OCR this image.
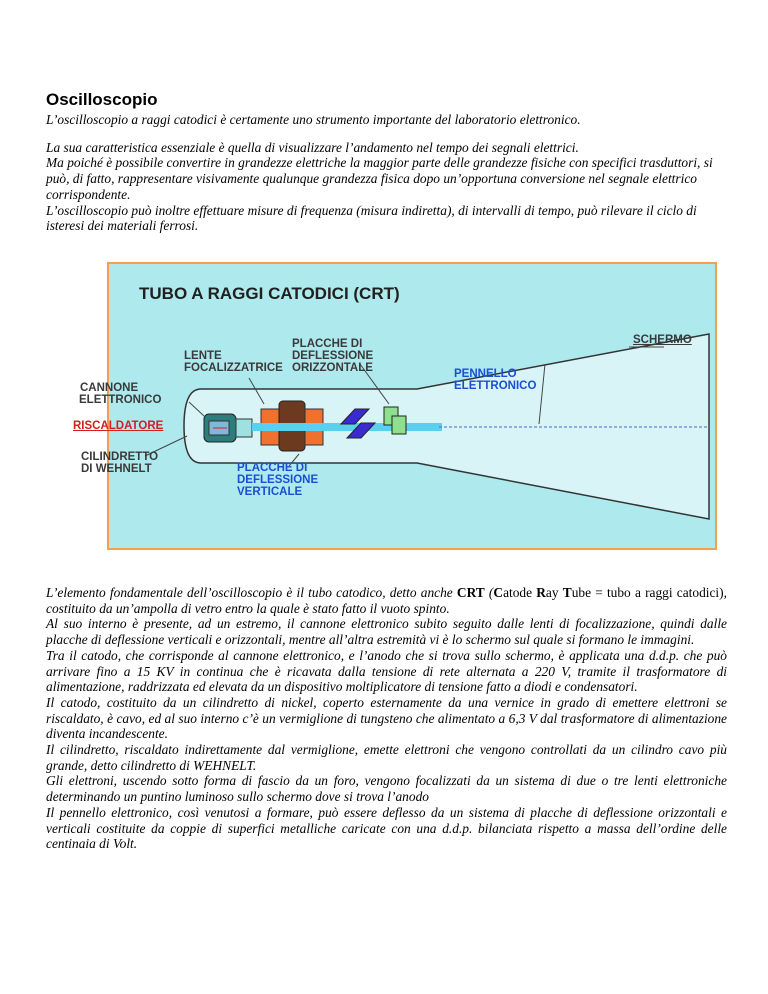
Oscilloscopio

L’oscilloscopio a raggi catodici è certamente uno strumento importante del laboratorio elettronico.

La sua caratteristica essenziale è quella di visualizzare l’andamento nel tempo dei segnali elettrici.

Ma poiché è possibile convertire in grandezze elettriche la maggior parte delle grandezze fisiche con specifici trasduttori, si può, di fatto, rappresentare visivamente qualunque grandezza fisica dopo un’opportuna conversione nel segnale elettrico corrispondente.

L’oscilloscopio può inoltre effettuare misure di frequenza (misura indiretta), di intervalli di tempo, può rilevare il ciclo di isteresi dei materiali ferrosi.

TUBO A RAGGI CATODICI (CRT)
LENTE
FOCALIZZATRICE
PLACCHE DI
DEFLESSIONE
ORIZZONTALE
SCHERMO
PENNELLO
ELETTRONICO
CANNONE
ELETTRONICO
RISCALDATORE
CILINDRETTO
DI WEHNELT	PLACCHE DI
DEFLESSIONE
VERTICALE

L’elemento fondamentale dell’oscilloscopio è il tubo catodico, detto anche CRT (Catode Ray Tube = tubo a raggi catodici), costituito da un’ampolla di vetro entro la quale è stato fatto il vuoto spinto.

Al suo interno è presente, ad un estremo, il cannone elettronico subito seguito dalle lenti di focalizzazione, quindi dalle placche di deflessione verticali e orizzontali, mentre all’altra estremità vi è lo schermo sul quale si formano le immagini.

Tra il catodo, che corrisponde al cannone elettronico, e l’anodo che si trova sullo schermo, è applicata una d.d.p. che può arrivare fino a 15 KV in continua che è ricavata dalla tensione di rete alternata a 220 V, tramite il trasformatore di alimentazione, raddrizzata ed elevata da un dispositivo moltiplicatore di tensione fatto a diodi e condensatori.

Il catodo, costituito da un cilindretto di nickel, coperto esternamente da una vernice in grado di emettere elettroni se riscaldato, è cavo, ed al suo interno c’è un vermiglione di tungsteno che alimentato a 6,3 V dal trasformatore di alimentazione diventa incandescente.

Il cilindretto, riscaldato indirettamente dal vermiglione, emette elettroni che vengono controllati da un cilindro cavo più grande, detto cilindretto di WEHNELT.

Gli elettroni, uscendo sotto forma di fascio da un foro, vengono focalizzati da un sistema di due o tre lenti elettroniche determinando un puntino luminoso sullo schermo dove si trova l’anodo

Il pennello elettronico, così venutosi a formare, può essere deflesso da un sistema di placche di deflessione orizzontali e verticali costituite da coppie di superfici metalliche caricate con una d.d.p. bilanciata rispetto a massa dell’ordine delle centinaia di Volt.
